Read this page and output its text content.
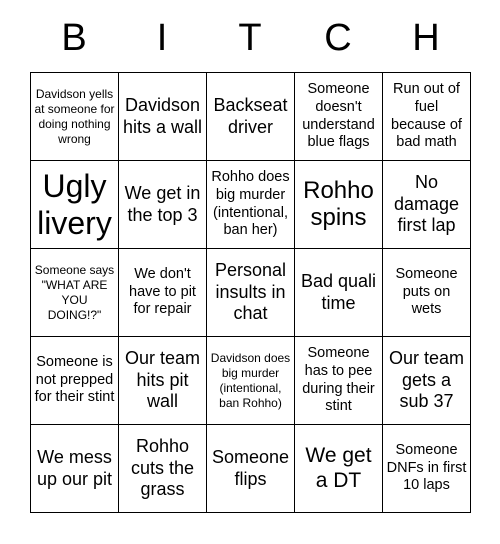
B	I	T	C	H
Davidson yells at someone for doing nothing wrong
Davidson hits a wall
Backseat driver
Someone doesn't understand blue flags
Run out of fuel because of bad math
Ugly livery
We get in the top 3
Rohho does big murder (intentional, ban her)
Rohho spins
No damage first lap
Someone says "WHAT ARE YOU DOING!?"
We don't have to pit for repair
Personal insults in chat
Bad quali time
Someone puts on wets
Someone is not prepped for their stint
Our team hits pit wall
Davidson does big murder (intentional, ban Rohho)
Someone has to pee during their stint
Our team gets a sub 37
We mess up our pit
Rohho cuts the grass
Someone flips
We get a DT
Someone DNFs in first 10 laps
